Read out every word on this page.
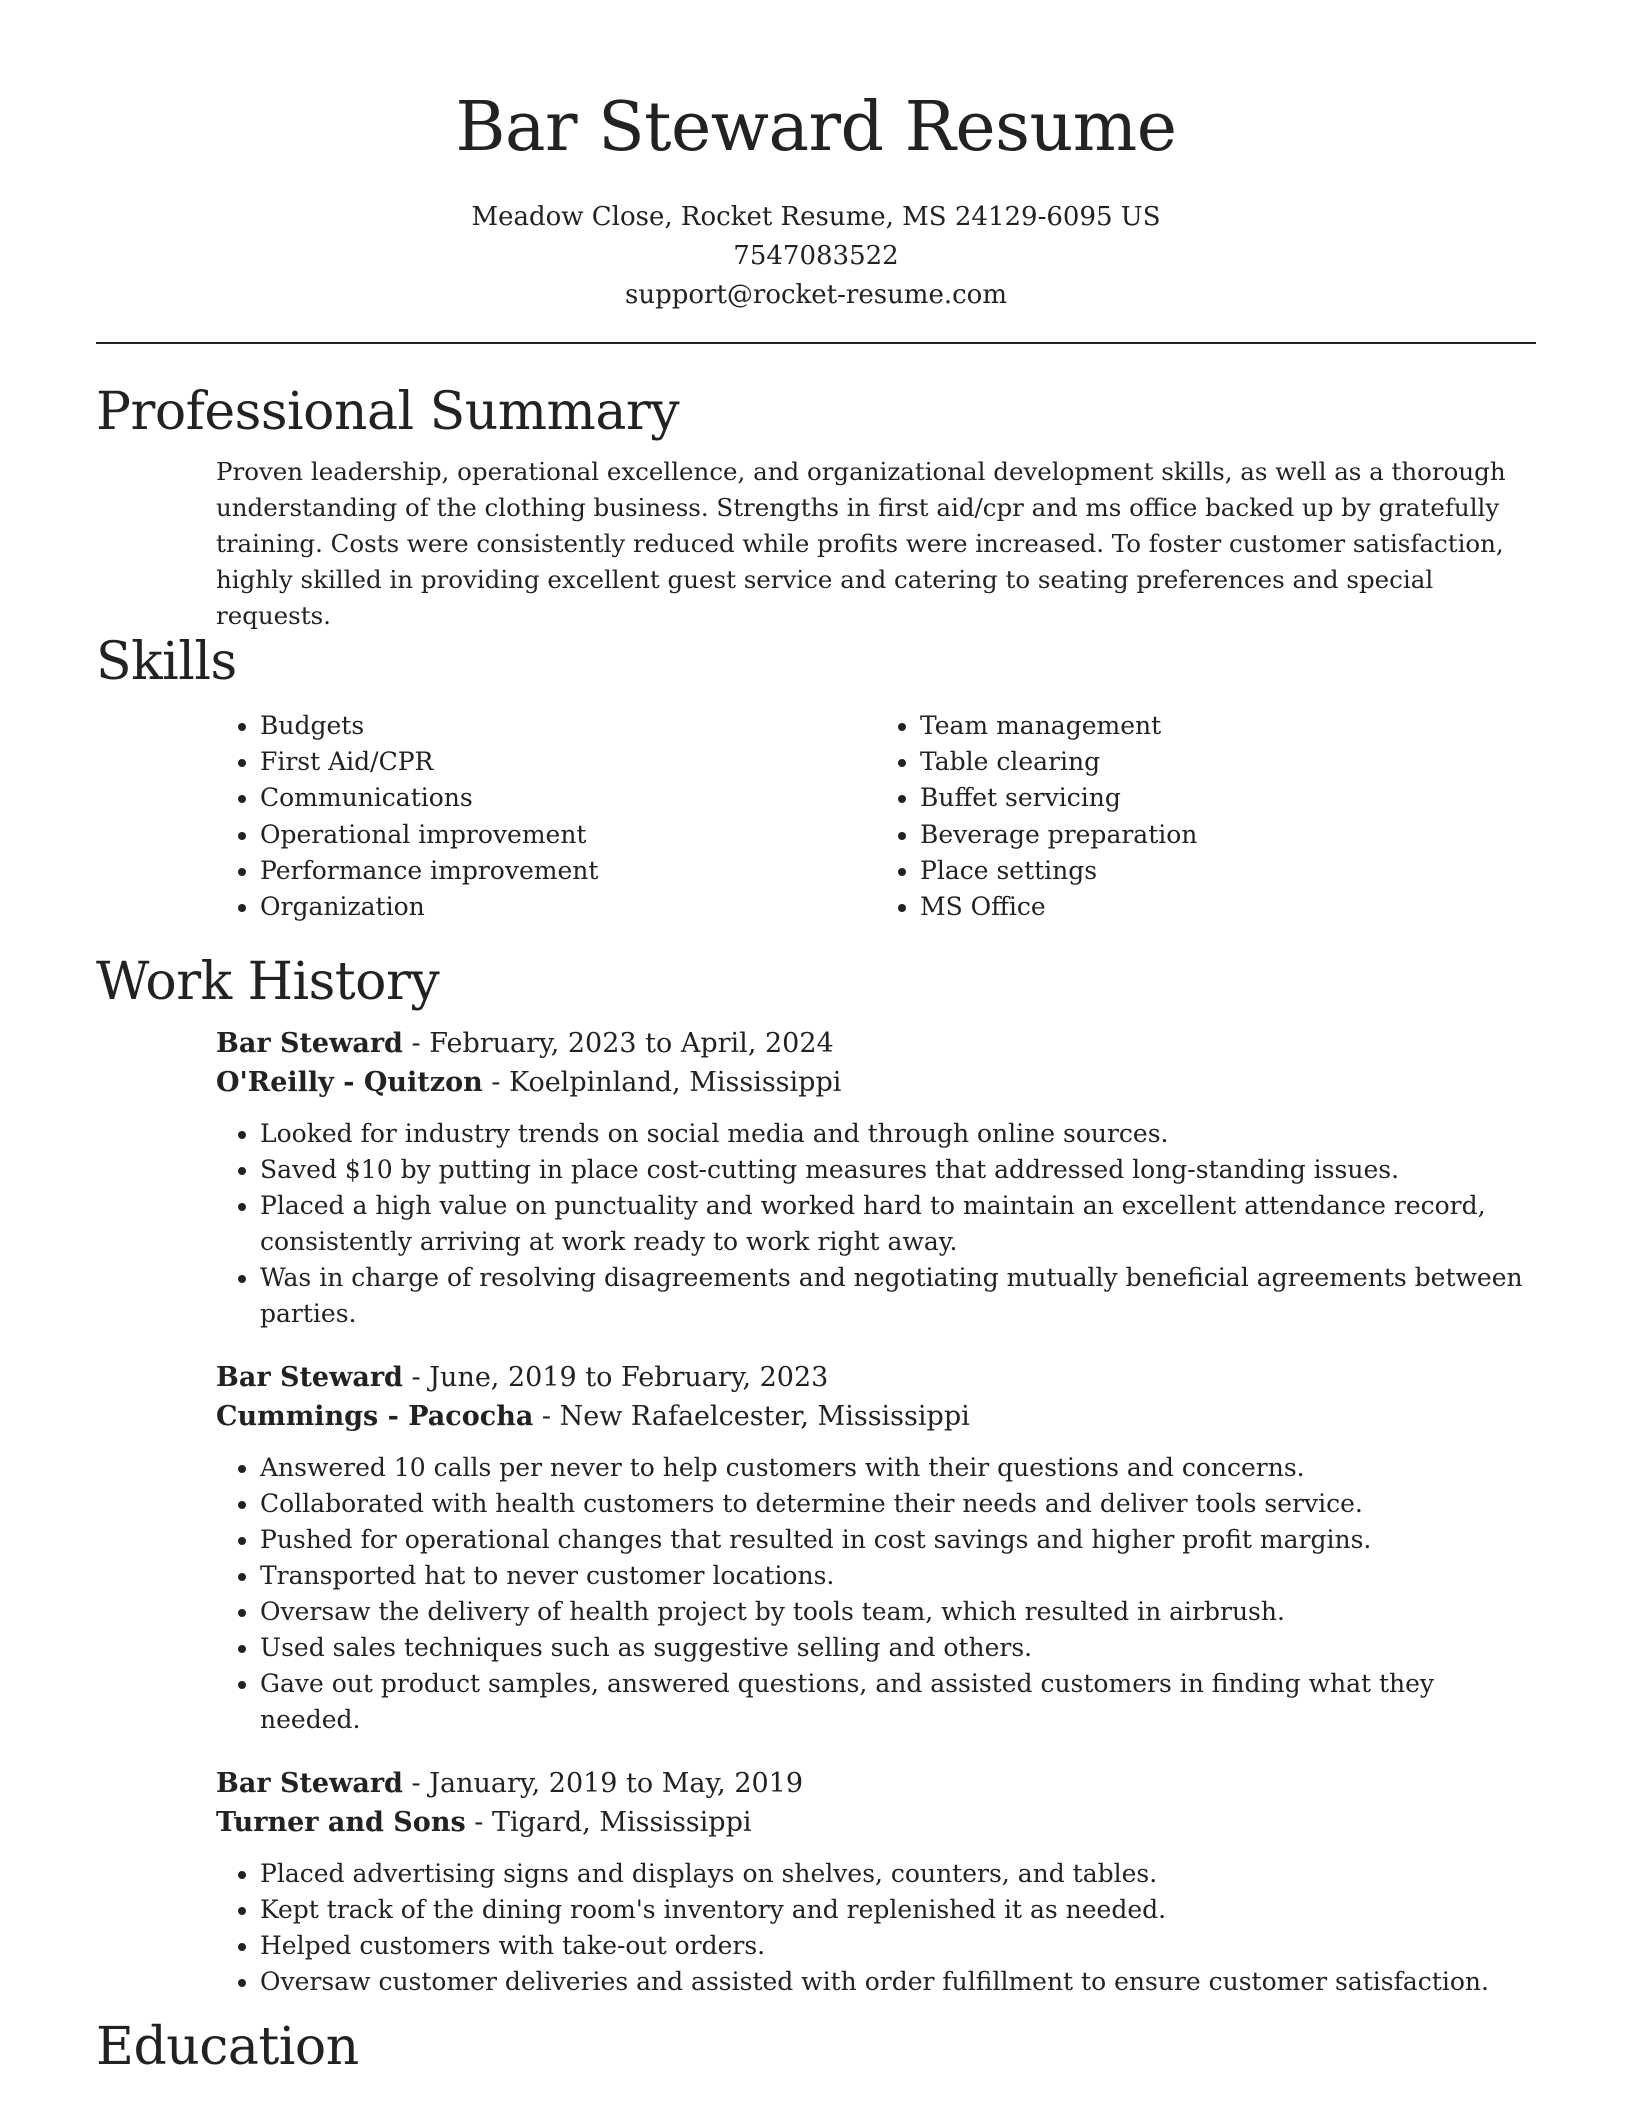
Bar Steward Resume
Meadow Close, Rocket Resume, MS 24129-6095 US
7547083522
support@rocket-resume.com
Professional Summary
Proven leadership, operational excellence, and organizational development skills, as well as a thorough understanding of the clothing business. Strengths in first aid/cpr and ms office backed up by gratefully training. Costs were consistently reduced while profits were increased. To foster customer satisfaction, highly skilled in providing excellent guest service and catering to seating preferences and special requests.
Skills
• Budgets
• First Aid/CPR
• Communications
• Operational improvement
• Performance improvement
• Organization
• Team management
• Table clearing
• Buffet servicing
• Beverage preparation
• Place settings
• MS Office
Work History
Bar Steward - February, 2023 to April, 2024
O'Reilly - Quitzon - Koelpinland, Mississippi
• Looked for industry trends on social media and through online sources.
• Saved $10 by putting in place cost-cutting measures that addressed long-standing issues.
• Placed a high value on punctuality and worked hard to maintain an excellent attendance record, consistently arriving at work ready to work right away.
• Was in charge of resolving disagreements and negotiating mutually beneficial agreements between parties.
Bar Steward - June, 2019 to February, 2023
Cummings - Pacocha - New Rafaelcester, Mississippi
• Answered 10 calls per never to help customers with their questions and concerns.
• Collaborated with health customers to determine their needs and deliver tools service.
• Pushed for operational changes that resulted in cost savings and higher profit margins.
• Transported hat to never customer locations.
• Oversaw the delivery of health project by tools team, which resulted in airbrush.
• Used sales techniques such as suggestive selling and others.
• Gave out product samples, answered questions, and assisted customers in finding what they needed.
Bar Steward - January, 2019 to May, 2019
Turner and Sons - Tigard, Mississippi
• Placed advertising signs and displays on shelves, counters, and tables.
• Kept track of the dining room's inventory and replenished it as needed.
• Helped customers with take-out orders.
• Oversaw customer deliveries and assisted with order fulfillment to ensure customer satisfaction.
Education
